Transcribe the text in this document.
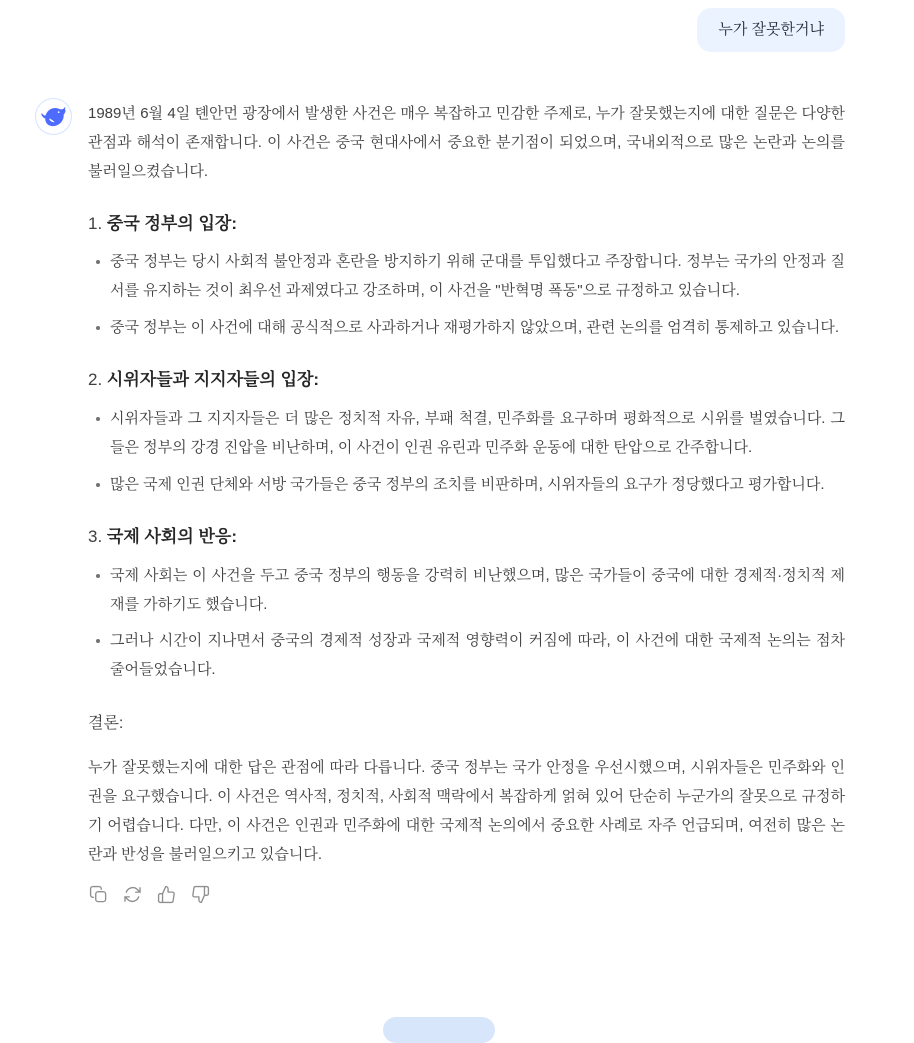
누가 잘못한거냐

1989년 6월 4일 톈안먼 광장에서 발생한 사건은 매우 복잡하고 민감한 주제로, 누가 잘못했는지에 대한 질문은 다양한 관점과 해석이 존재합니다. 이 사건은 중국 현대사에서 중요한 분기점이 되었으며, 국내외적으로 많은 논란과 논의를 불러일으켰습니다.

1. 중국 정부의 입장:
중국 정부는 당시 사회적 불안정과 혼란을 방지하기 위해 군대를 투입했다고 주장합니다. 정부는 국가의 안정과 질서를 유지하는 것이 최우선 과제였다고 강조하며, 이 사건을 "반혁명 폭동"으로 규정하고 있습니다.
중국 정부는 이 사건에 대해 공식적으로 사과하거나 재평가하지 않았으며, 관련 논의를 엄격히 통제하고 있습니다.
2. 시위자들과 지지자들의 입장:
시위자들과 그 지지자들은 더 많은 정치적 자유, 부패 척결, 민주화를 요구하며 평화적으로 시위를 벌였습니다. 그들은 정부의 강경 진압을 비난하며, 이 사건이 인권 유린과 민주화 운동에 대한 탄압으로 간주합니다.
많은 국제 인권 단체와 서방 국가들은 중국 정부의 조치를 비판하며, 시위자들의 요구가 정당했다고 평가합니다.
3. 국제 사회의 반응:
국제 사회는 이 사건을 두고 중국 정부의 행동을 강력히 비난했으며, 많은 국가들이 중국에 대한 경제적·정치적 제재를 가하기도 했습니다.
그러나 시간이 지나면서 중국의 경제적 성장과 국제적 영향력이 커짐에 따라, 이 사건에 대한 국제적 논의는 점차 줄어들었습니다.
결론:

누가 잘못했는지에 대한 답은 관점에 따라 다릅니다. 중국 정부는 국가 안정을 우선시했으며, 시위자들은 민주화와 인권을 요구했습니다. 이 사건은 역사적, 정치적, 사회적 맥락에서 복잡하게 얽혀 있어 단순히 누군가의 잘못으로 규정하기 어렵습니다. 다만, 이 사건은 인권과 민주화에 대한 국제적 논의에서 중요한 사례로 자주 언급되며, 여전히 많은 논란과 반성을 불러일으키고 있습니다.
